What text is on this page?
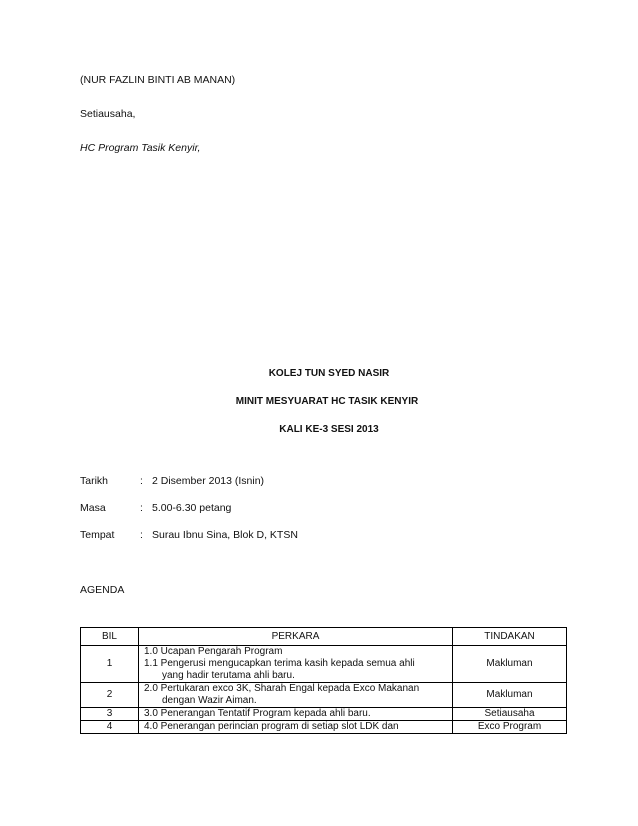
(NUR FAZLIN BINTI AB MANAN)
Setiausaha,
HC Program Tasik Kenyir,
KOLEJ TUN SYED NASIR
MINIT MESYUARAT HC TASIK KENYIR
KALI KE-3 SESI 2013
Tarikh	: 2 Disember 2013 (Isnin)
Masa	: 5.00-6.30 petang
Tempat : Surau Ibnu Sina, Blok D, KTSN
AGENDA
BIL	PERKARA	TINDAKAN
1	1.0 Ucapan Pengarah Program
1.1 Pengerusi mengucapkan terima kasih kepada semua ahli
yang hadir terutama ahli baru.	Makluman
2	2.0 Pertukaran exco 3K, Sharah Engal kepada Exco Makanan
dengan Wazir Aiman.	Makluman
3	3.0 Penerangan Tentatif Program kepada ahli baru.	Setiausaha
4	4.0 Penerangan perincian program di setiap slot LDK dan	Exco Program
